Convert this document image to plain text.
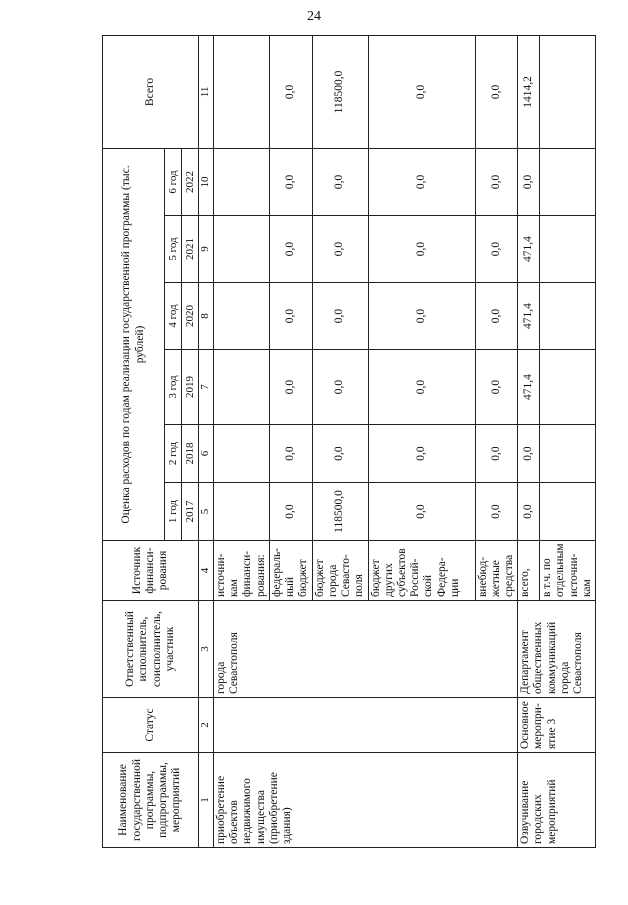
24
Наименование государственной программы, подпрограммы, мероприятий	Статус	Ответственный исполнитель, соисполнитель, участник	Источник финанси-рования	Оценка расходов по годам реализации государственной программы (тыс. рублей)						Всего
				1 год	2 год	3 год	4 год	5 год	6 год	
				2017	2018	2019	2020	2021	2022	
1	2	3	4	5	6	7	8	9	10	11
приобретение объектов недвижимого имущества (приобретение здания)		города Севастополя	источни-кам финанси-рования:							
			федераль-ный бюджет	0,0	0,0	0,0	0,0	0,0	0,0	0,0
			бюджет города Севасто-поля	118500,0	0,0	0,0	0,0	0,0	0,0	118500,0
			бюджет других субъектов Россий-ской Федера-ции	0,0	0,0	0,0	0,0	0,0	0,0	0,0
			внебюд-жетные средства	0,0	0,0	0,0	0,0	0,0	0,0	0,0
Озвучивание городских мероприятий	Основное меропри-ятие 3	Департамент общественных коммуникаций города Севастополя	всего,	0,0	0,0	471,4	471,4	471,4	0,0	1414,2
			в т.ч. по отдельным источни-кам							
